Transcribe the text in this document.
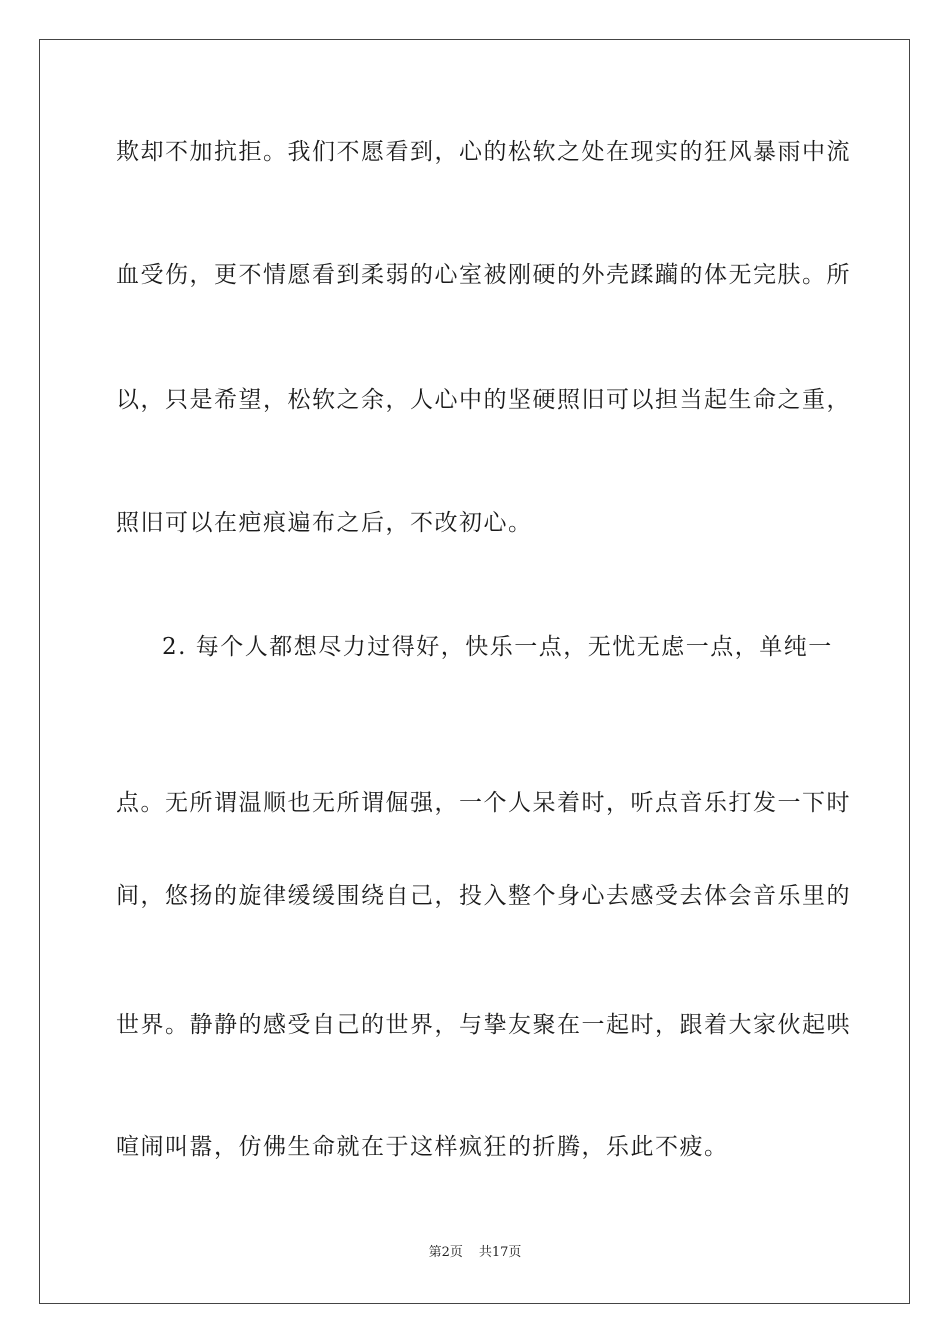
欺却不加抗拒。我们不愿看到，心的松软之处在现实的狂风暴雨中流
血受伤，更不情愿看到柔弱的心室被刚硬的外壳蹂躏的体无完肤。所
以，只是希望，松软之余，人心中的坚硬照旧可以担当起生命之重，
照旧可以在疤痕遍布之后，不改初心。
2. 每个人都想尽力过得好，快乐一点，无忧无虑一点，单纯一
点。无所谓温顺也无所谓倔强，一个人呆着时，听点音乐打发一下时
间，悠扬的旋律缓缓围绕自己，投入整个身心去感受去体会音乐里的
世界。静静的感受自己的世界，与挚友聚在一起时，跟着大家伙起哄
喧闹叫嚣，仿佛生命就在于这样疯狂的折腾，乐此不疲。
第2页 共17页
